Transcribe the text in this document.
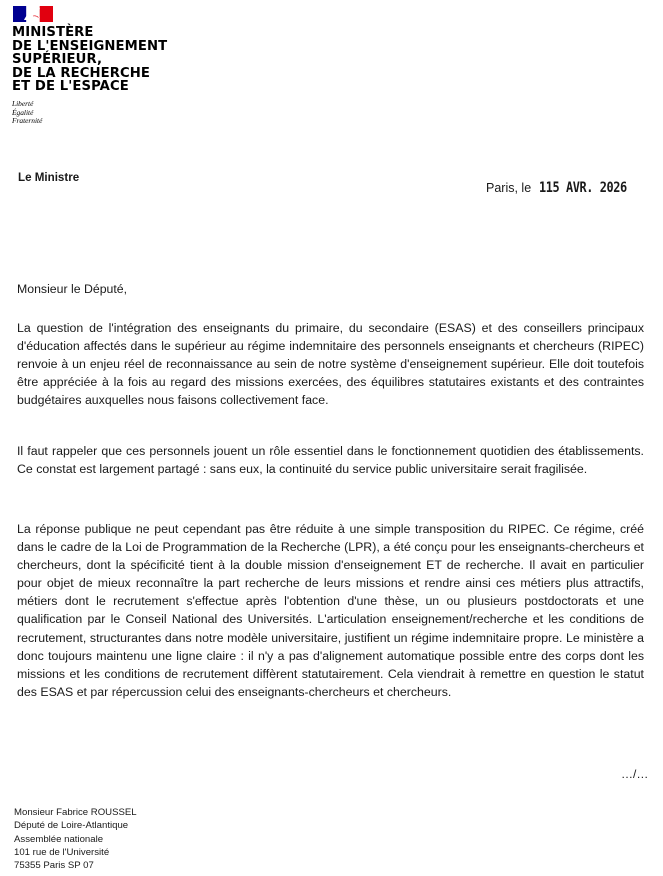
MINISTÈRE
DE L'ENSEIGNEMENT
SUPÉRIEUR,
DE LA RECHERCHE
ET DE L'ESPACE
Liberté
Égalité
Fraternité
Le Ministre
Paris, le 115 AVR. 2026
Monsieur le Député,
La question de l'intégration des enseignants du primaire, du secondaire (ESAS) et des conseillers principaux d'éducation affectés dans le supérieur au régime indemnitaire des personnels enseignants et chercheurs (RIPEC) renvoie à un enjeu réel de reconnaissance au sein de notre système d'enseignement supérieur. Elle doit toutefois être appréciée à la fois au regard des missions exercées, des équilibres statutaires existants et des contraintes budgétaires auxquelles nous faisons collectivement face.
Il faut rappeler que ces personnels jouent un rôle essentiel dans le fonctionnement quotidien des établissements. Ce constat est largement partagé : sans eux, la continuité du service public universitaire serait fragilisée.
La réponse publique ne peut cependant pas être réduite à une simple transposition du RIPEC. Ce régime, créé dans le cadre de la Loi de Programmation de la Recherche (LPR), a été conçu pour les enseignants-chercheurs et chercheurs, dont la spécificité tient à la double mission d'enseignement ET de recherche. Il avait en particulier pour objet de mieux reconnaître la part recherche de leurs missions et rendre ainsi ces métiers plus attractifs, métiers dont le recrutement s'effectue après l'obtention d'une thèse, un ou plusieurs postdoctorats et une qualification par le Conseil National des Universités. L'articulation enseignement/recherche et les conditions de recrutement, structurantes dans notre modèle universitaire, justifient un régime indemnitaire propre. Le ministère a donc toujours maintenu une ligne claire : il n'y a pas d'alignement automatique possible entre des corps dont les missions et les conditions de recrutement diffèrent statutairement. Cela viendrait à remettre en question le statut des ESAS et par répercussion celui des enseignants-chercheurs et chercheurs.
…/…
Monsieur Fabrice ROUSSEL
Député de Loire-Atlantique
Assemblée nationale
101 rue de l'Université
75355 Paris SP 07
